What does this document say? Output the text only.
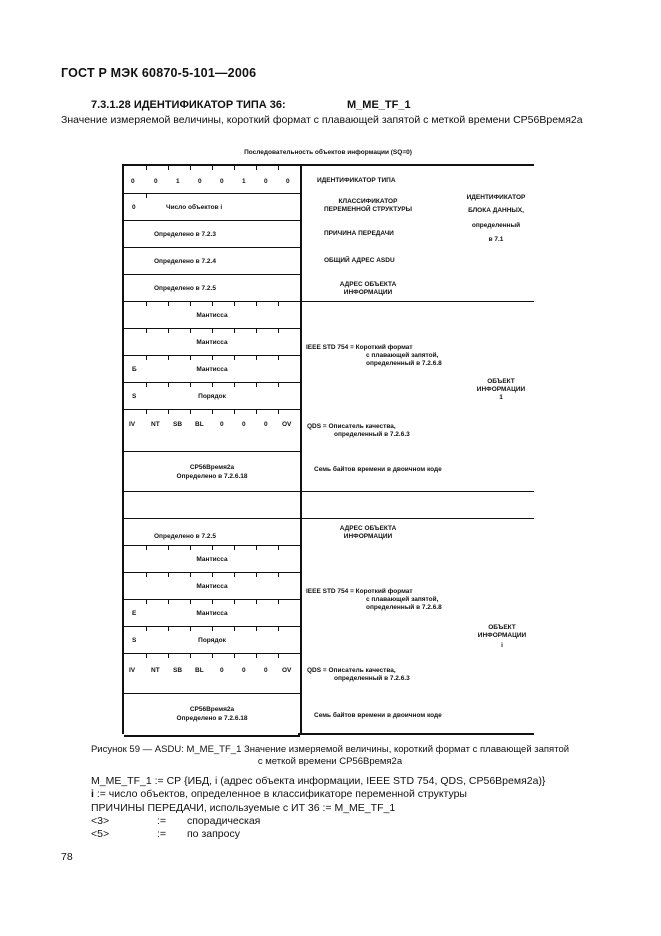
ГОСТ Р МЭК 60870-5-101—2006
7.3.1.28 ИДЕНТИФИКАТОР ТИПА 36:	М_МЕ_TF_1
Значение измеряемой величины, короткий формат с плавающей запятой с меткой времени СР56Время2а
Последовательность объектов информации (SQ=0)
0	0	1	0	0	1	0	0
0	Число объектов i
Определено в 7.2.3
Определено в 7.2.4
Определено в 7.2.5
Мантисса
Мантисса
Б	Мантисса
S	Порядок
IV NT SB BL	0	0	0 OV
СР56Время2а
Определено в 7.2.6.18
Определено в 7.2.5
Мантисса
Мантисса
E	Мантисса
S	Порядок
IV NT SB BL	0	0	0 OV
СР56Время2а
Определено в 7.2.6.18
ИДЕНТИФИКАТОР ТИПА
КЛАССИФИКАТОР
ПЕРЕМЕННОЙ СТРУКТУРЫ
ПРИЧИНА ПЕРЕДАЧИ
ОБЩИЙ АДРЕС ASDU
АДРЕС ОБЪЕКТА
ИНФОРМАЦИИ
IEEE STD 754 = Короткий формат
с плавающей запятой,
определенный в 7.2.6.8
QDS = Описатель качества,
определенный в 7.2.6.3
Семь байтов времени в двоичном коде
АДРЕС ОБЪЕКТА
ИНФОРМАЦИИ
IEEE STD 754 = Короткий формат
с плавающей запятой,
определенный в 7.2.6.8
QDS = Описатель качества,
определенный в 7.2.6.3
Семь байтов времени в двоичном коде
ИДЕНТИФИКАТОР
БЛОКА ДАННЫХ,
определенный
в 7.1
ОБЪЕКТ
ИНФОРМАЦИИ
1
ОБЪЕКТ
ИНФОРМАЦИИ
i
Рисунок 59 — ASDU: М_МЕ_TF_1 Значение измеряемой величины, короткий формат с плавающей запятой
с меткой времени СР56Время2а
М_МЕ_TF_1 := СР {ИБД, i (адрес объекта информации, IEEE STD 754, QDS, СР56Время2а)}
i := число объектов, определенное в классификаторе переменной структуры
ПРИЧИНЫ ПЕРЕДАЧИ, используемые с ИТ 36 := М_МЕ_TF_1
<3>	:= спорадическая
<5>	:= по запросу
78
